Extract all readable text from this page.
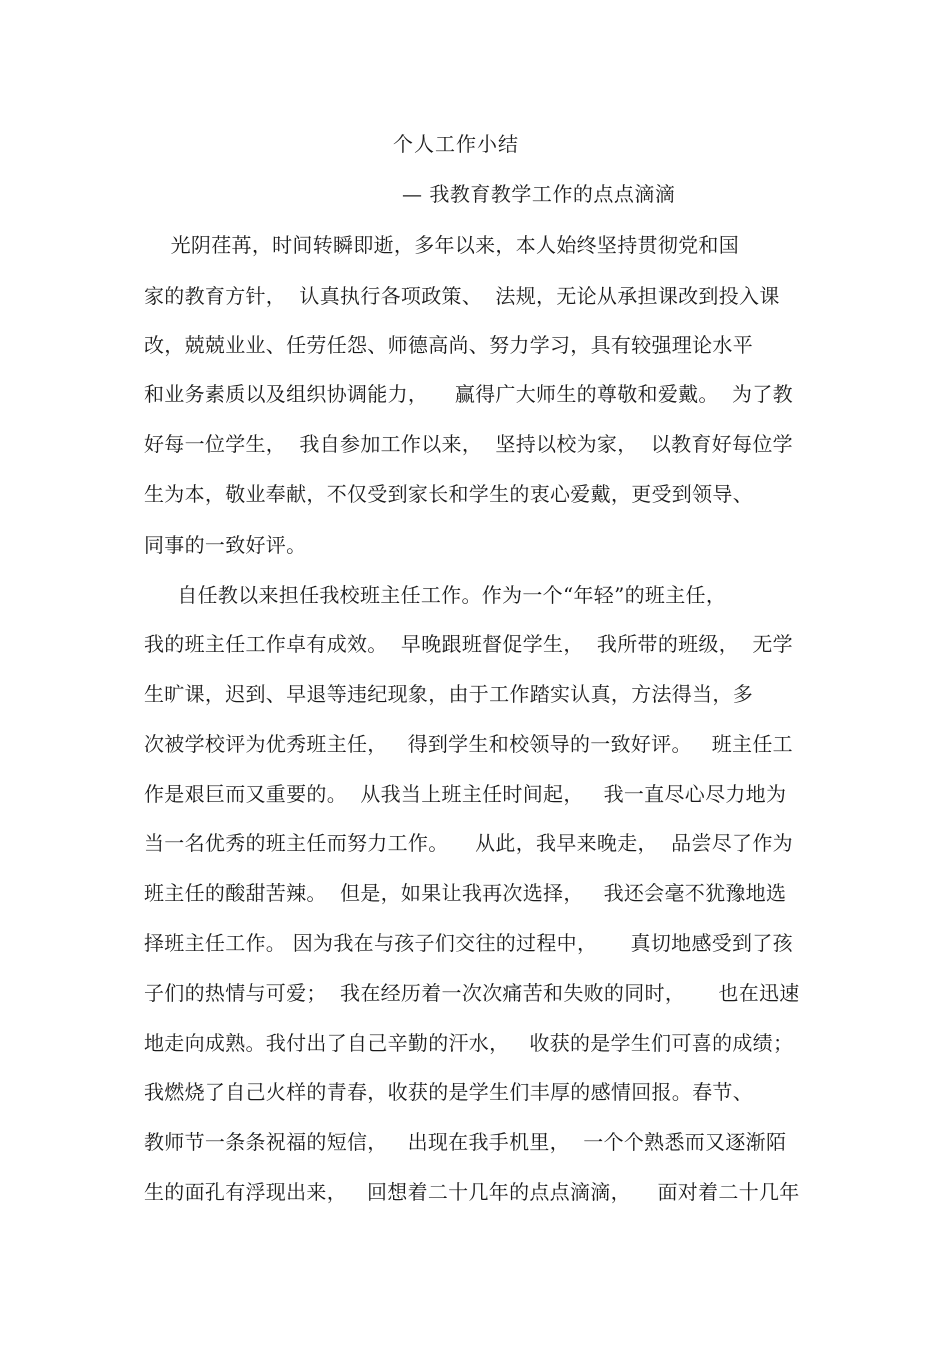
个人工作小结
— 我教育教学工作的点点滴滴
光阴荏苒，时间转瞬即逝，多年以来，本人始终坚持贯彻党和国
家的教育方针，  认真执行各项政策、  法规，无论从承担课改到投入课
改，兢兢业业、任劳任怨、师德高尚、努力学习，具有较强理论水平
和业务素质以及组织协调能力，    赢得广大师生的尊敬和爱戴。  为了教
好每一位学生，  我自参加工作以来，  坚持以校为家，  以教育好每位学
生为本，敬业奉献，不仅受到家长和学生的衷心爱戴，更受到领导、
同事的一致好评。
自任教以来担任我校班主任工作。作为一个“年轻”的班主任，
我的班主任工作卓有成效。  早晚跟班督促学生，  我所带的班级，  无学
生旷课，迟到、早退等违纪现象，由于工作踏实认真，方法得当，多
次被学校评为优秀班主任，   得到学生和校领导的一致好评。   班主任工
作是艰巨而又重要的。  从我当上班主任时间起，   我一直尽心尽力地为
当一名优秀的班主任而努力工作。    从此，我早来晚走，  品尝尽了作为
班主任的酸甜苦辣。  但是，如果让我再次选择，   我还会毫不犹豫地选
择班主任工作。 因为我在与孩子们交往的过程中，     真切地感受到了孩
子们的热情与可爱；  我在经历着一次次痛苦和失败的同时，     也在迅速
地走向成熟。我付出了自己辛勤的汗水，   收获的是学生们可喜的成绩；
我燃烧了自己火样的青春，收获的是学生们丰厚的感情回报。春节、
教师节一条条祝福的短信，   出现在我手机里，  一个个熟悉而又逐渐陌
生的面孔有浮现出来，   回想着二十几年的点点滴滴，    面对着二十几年
